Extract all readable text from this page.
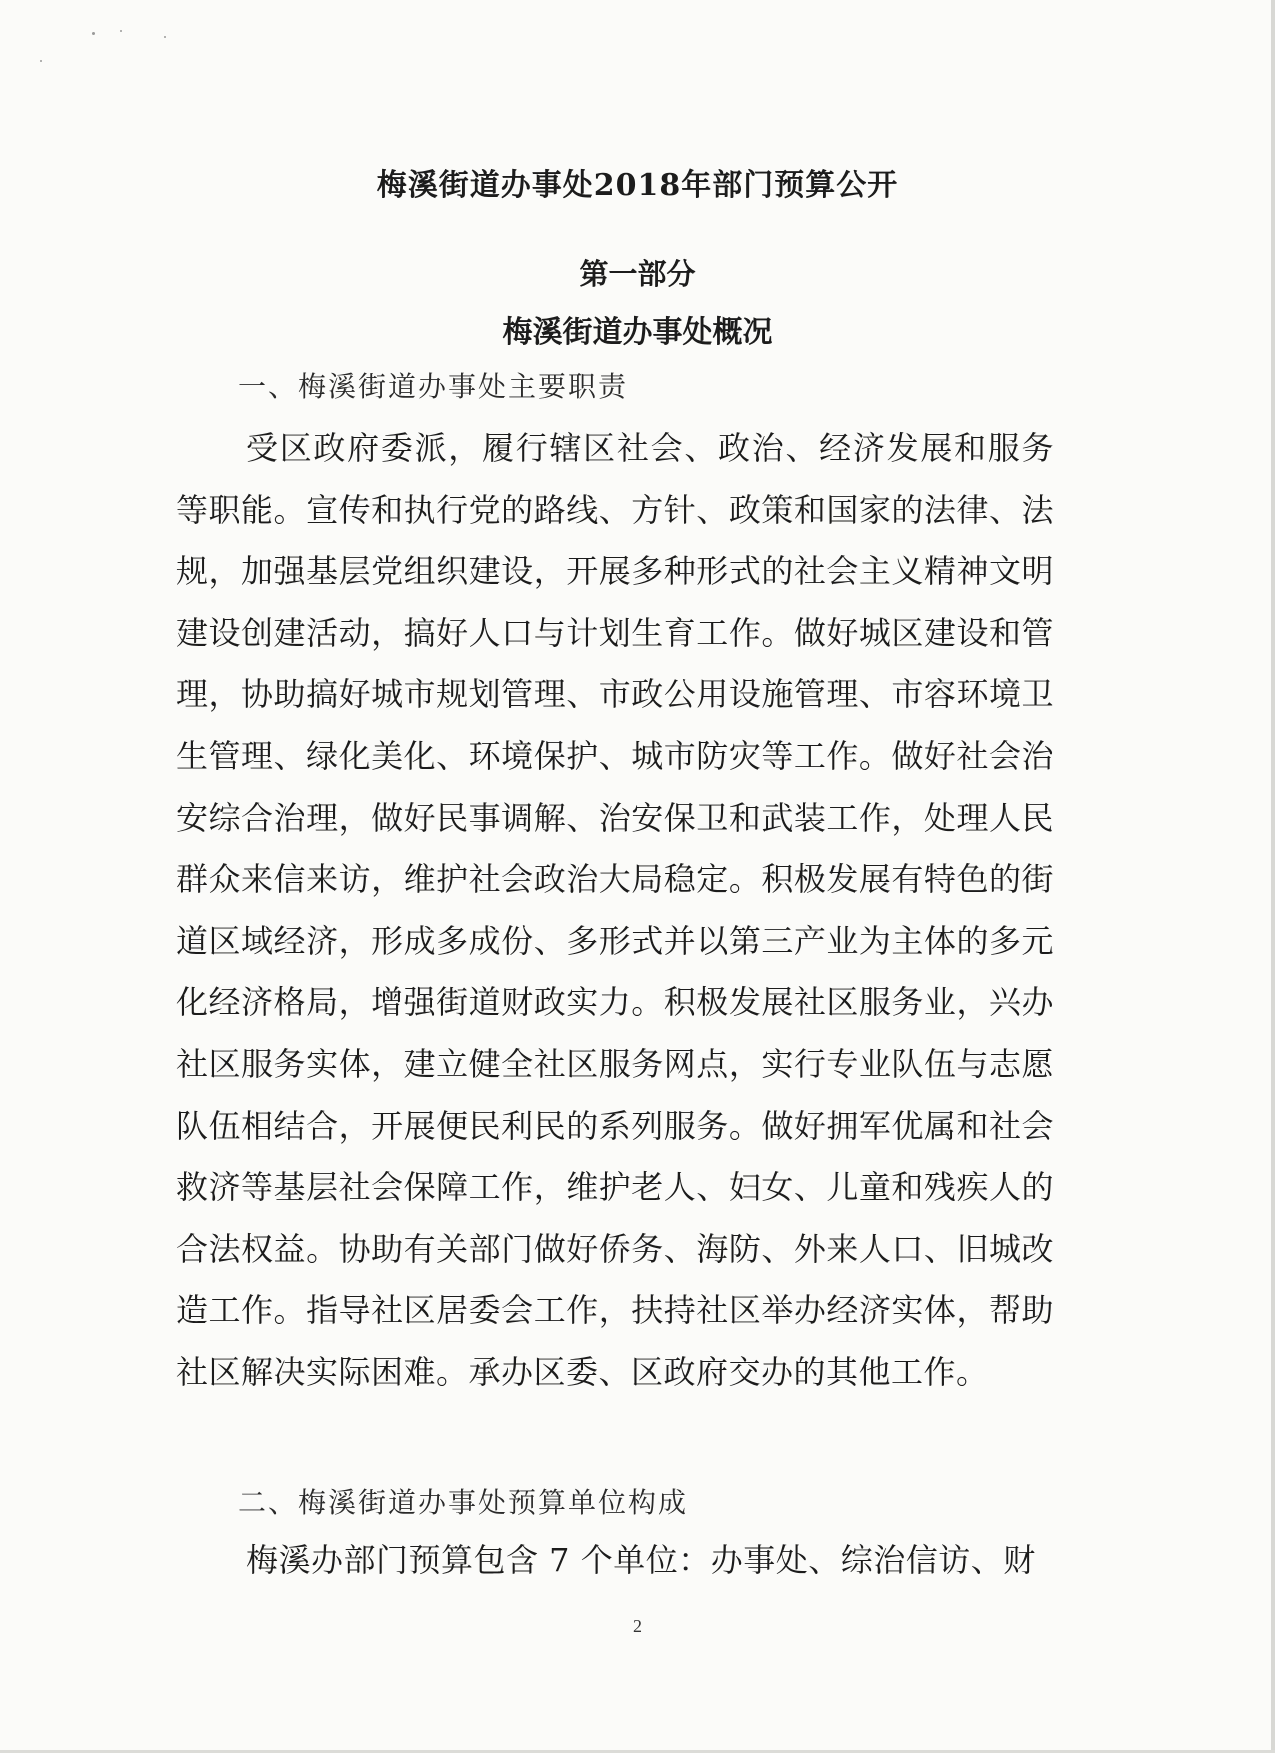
梅溪街道办事处2018年部门预算公开
第一部分
梅溪街道办事处概况
一、梅溪街道办事处主要职责

受区政府委派，履行辖区社会、政治、经济发展和服务等职能。宣传和执行党的路线、方针、政策和国家的法律、法规，加强基层党组织建设，开展多种形式的社会主义精神文明建设创建活动，搞好人口与计划生育工作。做好城区建设和管理，协助搞好城市规划管理、市政公用设施管理、市容环境卫生管理、绿化美化、环境保护、城市防灾等工作。做好社会治安综合治理，做好民事调解、治安保卫和武装工作，处理人民群众来信来访，维护社会政治大局稳定。积极发展有特色的街道区域经济，形成多成份、多形式并以第三产业为主体的多元化经济格局，增强街道财政实力。积极发展社区服务业，兴办社区服务实体，建立健全社区服务网点，实行专业队伍与志愿队伍相结合，开展便民利民的系列服务。做好拥军优属和社会救济等基层社会保障工作，维护老人、妇女、儿童和残疾人的合法权益。协助有关部门做好侨务、海防、外来人口、旧城改造工作。指导社区居委会工作，扶持社区举办经济实体，帮助社区解决实际困难。承办区委、区政府交办的其他工作。

二、梅溪街道办事处预算单位构成

梅溪办部门预算包含 7 个单位：办事处、综治信访、财

2
